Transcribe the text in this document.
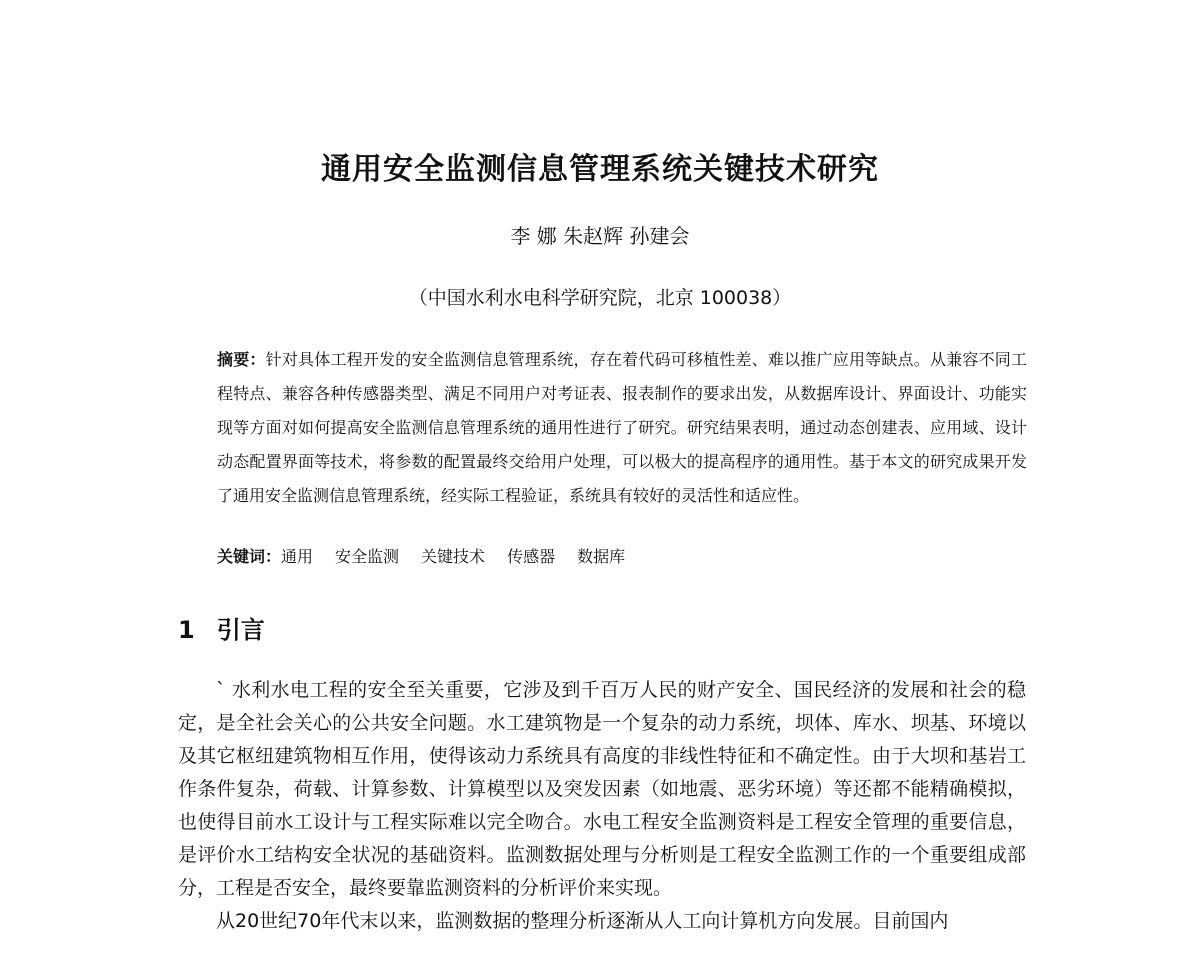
通用安全监测信息管理系统关键技术研究
李 娜 朱赵辉 孙建会
（中国水利水电科学研究院，北京 100038）
摘要：针对具体工程开发的安全监测信息管理系统，存在着代码可移植性差、难以推广应用等缺点。从兼容不同工程特点、兼容各种传感器类型、满足不同用户对考证表、报表制作的要求出发，从数据库设计、界面设计、功能实现等方面对如何提高安全监测信息管理系统的通用性进行了研究。研究结果表明，通过动态创建表、应用域、设计动态配置界面等技术，将参数的配置最终交给用户处理，可以极大的提高程序的通用性。基于本文的研究成果开发了通用安全监测信息管理系统，经实际工程验证，系统具有较好的灵活性和适应性。
关键词：通用 安全监测 关键技术 传感器 数据库
1 引言

` 水利水电工程的安全至关重要，它涉及到千百万人民的财产安全、国民经济的发展和社会的稳定，是全社会关心的公共安全问题。水工建筑物是一个复杂的动力系统，坝体、库水、坝基、环境以及其它枢纽建筑物相互作用，使得该动力系统具有高度的非线性特征和不确定性。由于大坝和基岩工作条件复杂，荷载、计算参数、计算模型以及突发因素（如地震、恶劣环境）等还都不能精确模拟，也使得目前水工设计与工程实际难以完全吻合。水电工程安全监测资料是工程安全管理的重要信息，是评价水工结构安全状况的基础资料。监测数据处理与分析则是工程安全监测工作的一个重要组成部分，工程是否安全，最终要靠监测资料的分析评价来实现。

从20世纪70年代末以来，监测数据的整理分析逐渐从人工向计算机方向发展。目前国内
